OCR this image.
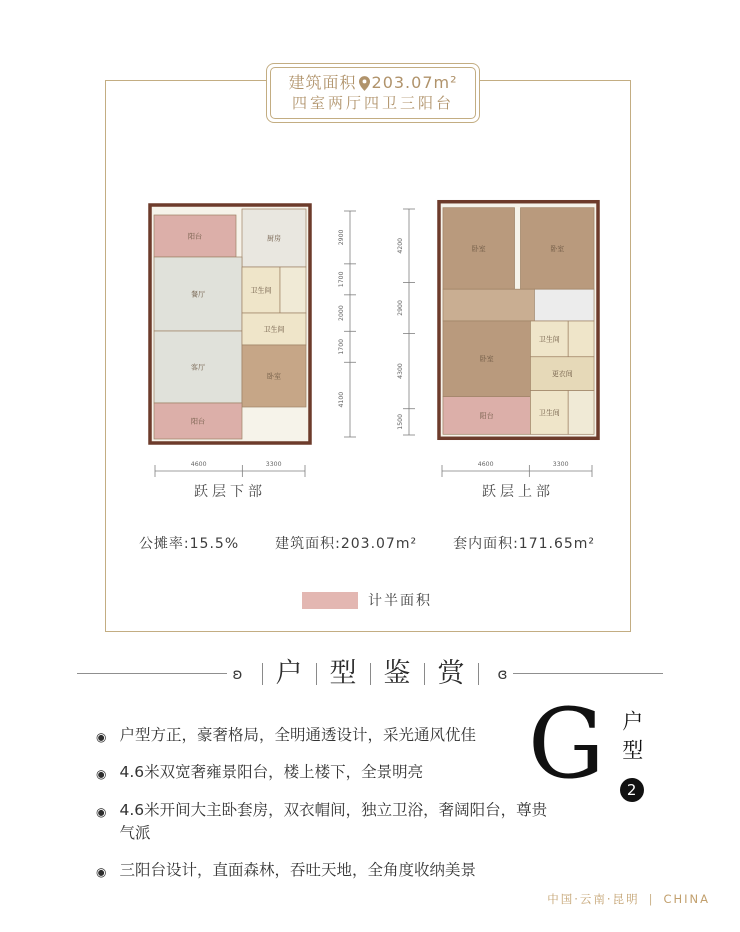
建筑面积 203.07m²
四室两厅四卫三阳台
阳台	厨房
餐厅	卫生间
客厅
卫生间
卧室
阳台
2900
1700
2000
1700
4100
4200
2900
4300
1500
卧室	卧室
卧室
卫生间
更衣间
阳台	卫生间
4600	3300	4600	3300
跃层下部	跃层上部
公摊率:15.5%	建筑面积:203.07m²	套内面积:171.65m²
计半面积
ʚ 户 型 鉴 赏 ɞ
◉ 户型方正，豪奢格局，全明通透设计，采光通风优佳
◉ 4.6米双宽奢雍景阳台，楼上楼下，全景明亮
◉ 4.6米开间大主卧套房，双衣帽间，独立卫浴，奢阔阳台，尊贵气派
◉ 三阳台设计，直面森林，吞吐天地，全角度收纳美景
G 户型
2
中国·云南·昆明 | CHINA
